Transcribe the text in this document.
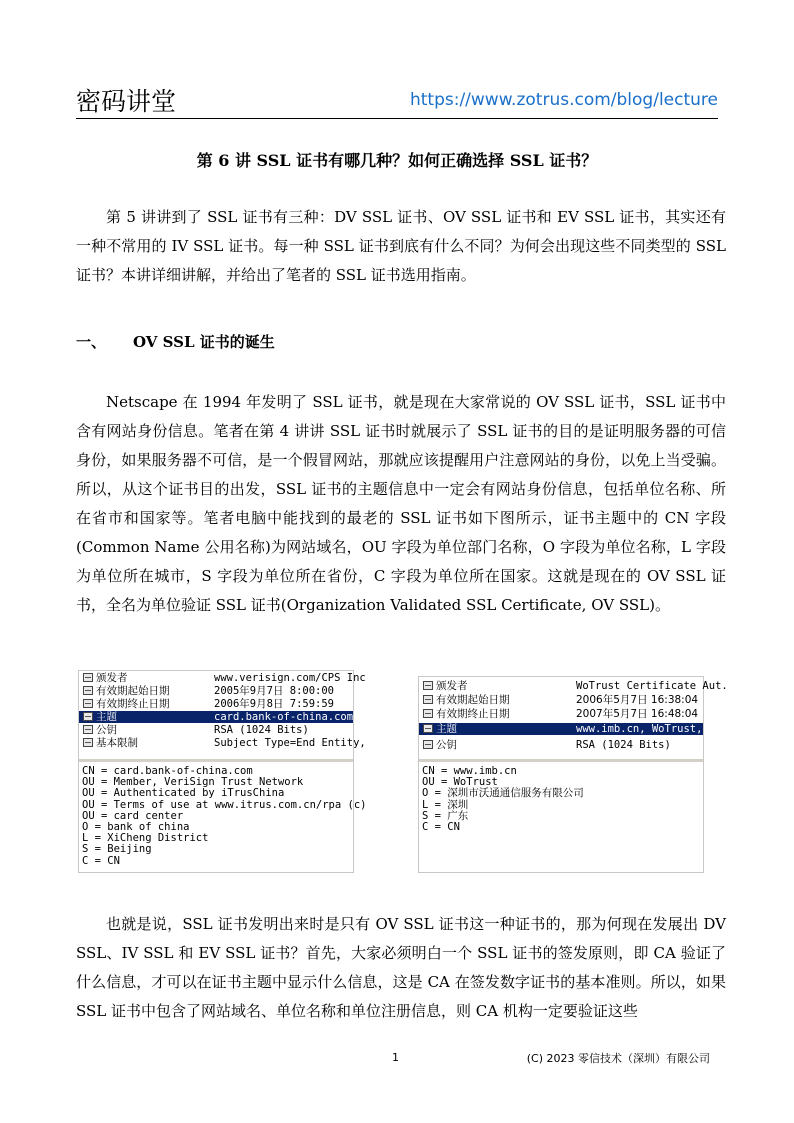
密码讲堂	https://www.zotrus.com/blog/lecture
第 6 讲 SSL 证书有哪几种？如何正确选择 SSL 证书？

第 5 讲讲到了 SSL 证书有三种：DV SSL 证书、OV SSL 证书和 EV SSL 证书，其实还有一种不常用的 IV SSL 证书。每一种 SSL 证书到底有什么不同？为何会出现这些不同类型的 SSL 证书？本讲详细讲解，并给出了笔者的 SSL 证书选用指南。

一、 OV SSL 证书的诞生

Netscape 在 1994 年发明了 SSL 证书，就是现在大家常说的 OV SSL 证书，SSL 证书中含有网站身份信息。笔者在第 4 讲讲 SSL 证书时就展示了 SSL 证书的目的是证明服务器的可信身份，如果服务器不可信，是一个假冒网站，那就应该提醒用户注意网站的身份，以免上当受骗。所以，从这个证书目的出发，SSL 证书的主题信息中一定会有网站身份信息，包括单位名称、所在省市和国家等。笔者电脑中能找到的最老的 SSL 证书如下图所示，证书主题中的 CN 字段(Common Name 公用名称)为网站域名，OU 字段为单位部门名称，O 字段为单位名称，L 字段为单位所在城市，S 字段为单位所在省份，C 字段为单位所在国家。这就是现在的 OV SSL 证书，全名为单位验证 SSL 证书(Organization Validated SSL Certificate, OV SSL)。

颁发者	www.verisign.com/CPS Inc
有效期起始日期	2005年9月7日 8:00:00
有效期终止日期	2006年9月8日 7:59:59
主题	card.bank-of-china.com,
公钥	RSA (1024 Bits)
基本限制	Subject Type=End Entity,
CN = card.bank-of-china.com
OU = Member, VeriSign Trust Network
OU = Authenticated by iTrusChina
OU = Terms of use at www.itrus.com.cn/rpa (c)
OU = card center
O = bank of china
L = XiCheng District
S = Beijing
C = CN
颁发者	WoTrust Certificate Aut.
有效期起始日期	2006年5月7日 16:38:04
有效期终止日期	2007年5月7日 16:48:04
主题	www.imb.cn, WoTrust, 深.
公钥	RSA (1024 Bits)
CN = www.imb.cn
OU = WoTrust
O = 深圳市沃通通信服务有限公司
L = 深圳
S = 广东
C = CN

也就是说，SSL 证书发明出来时是只有 OV SSL 证书这一种证书的，那为何现在发展出 DV SSL、IV SSL 和 EV SSL 证书？首先，大家必须明白一个 SSL 证书的签发原则，即 CA 验证了什么信息，才可以在证书主题中显示什么信息，这是 CA 在签发数字证书的基本准则。所以，如果 SSL 证书中包含了网站域名、单位名称和单位注册信息，则 CA 机构一定要验证这些

1	(C) 2023 零信技术（深圳）有限公司
